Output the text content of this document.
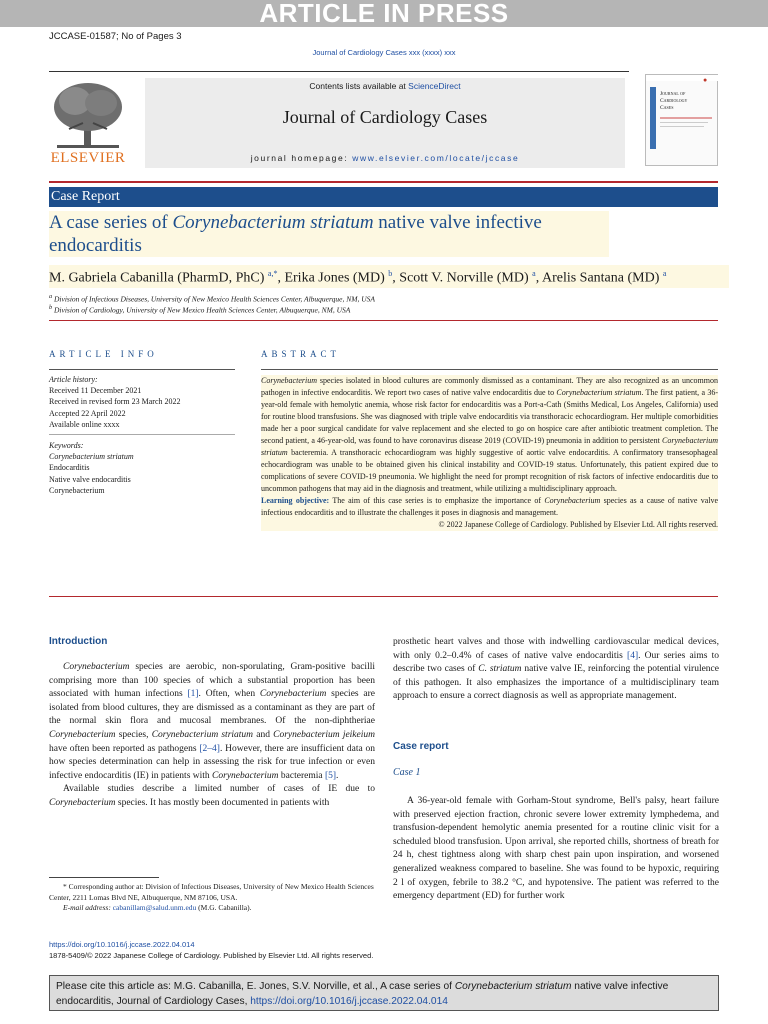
ARTICLE IN PRESS
JCCASE-01587; No of Pages 3
Journal of Cardiology Cases xxx (xxxx) xxx
ELSEVIER
Contents lists available at ScienceDirect
Journal of Cardiology Cases
journal homepage: www.elsevier.com/locate/jccase
●
Journal of
Cardiology
Cases
Case Report
A case series of Corynebacterium striatum native valve infective endocarditis
M. Gabriela Cabanilla (PharmD, PhC) $^{a,*}$, Erika Jones (MD) $^b$, Scott V. Norville (MD) $^a$, Arelis Santana (MD) $^a$
$^a$ Division of Infectious Diseases, University of New Mexico Health Sciences Center, Albuquerque, NM, USA
$^b$ Division of Cardiology, University of New Mexico Health Sciences Center, Albuquerque, NM, USA
ARTICLE INFO
Article history:
Received 11 December 2021
Received in revised form 23 March 2022
Accepted 22 April 2022
Available online xxxx
Keywords:
Corynebacterium striatum
Endocarditis
Native valve endocarditis
Corynebacterium
ABSTRACT
Corynebacterium species isolated in blood cultures are commonly dismissed as a contaminant. They are also recognized as an uncommon pathogen in infective endocarditis. We report two cases of native valve endocarditis due to Corynebacterium striatum. The first patient, a 36-year-old female with hemolytic anemia, whose risk factor for endocarditis was a Port-a-Cath (Smiths Medical, Los Angeles, California) used for routine blood transfusions. She was diagnosed with triple valve endocarditis via transthoracic echocardiogram. Her multiple comorbidities made her a poor surgical candidate for valve replacement and she elected to go on hospice care after antibiotic treatment completion. The second patient, a 46-year-old, was found to have coronavirus disease 2019 (COVID-19) pneumonia in addition to persistent Corynebacterium striatum bacteremia. A transthoracic echocardiogram was highly suggestive of aortic valve endocarditis. A confirmatory transesophageal echocardiogram was unable to be obtained given his clinical instability and COVID-19 status. Unfortunately, this patient expired due to complications of severe COVID-19 pneumonia. We highlight the need for prompt recognition of risk factors of infective endocarditis due to uncommon pathogens that may aid in the diagnosis and treatment, while utilizing a multidisciplinary approach.
Learning objective: The aim of this case series is to emphasize the importance of Corynebacterium species as a cause of native valve infectious endocarditis and to illustrate the challenges it poses in diagnosis and management.
© 2022 Japanese College of Cardiology. Published by Elsevier Ltd. All rights reserved.
Introduction

Corynebacterium species are aerobic, non-sporulating, Gram-positive bacilli comprising more than 100 species of which a substantial proportion has been associated with human infections [1]. Often, when Corynebacterium species are isolated from blood cultures, they are dismissed as a contaminant as they are part of the normal skin flora and mucosal membranes. Of the non-diphtheriae Corynebacterium species, Corynebacterium striatum and Corynebacterium jeikeium have often been reported as pathogens [2–4]. However, there are insufficient data on how species determination can help in assessing the risk for true infection or even infective endocarditis (IE) in patients with Corynebacterium bacteremia [5].

Available studies describe a limited number of cases of IE due to Corynebacterium species. It has mostly been documented in patients with

* Corresponding author at: Division of Infectious Diseases, University of New Mexico Health Sciences Center, 2211 Lomas Blvd NE, Albuquerque, NM 87106, USA.
E-mail address: cabanillam@salud.unm.edu (M.G. Cabanilla).
prosthetic heart valves and those with indwelling cardiovascular medical devices, with only 0.2–0.4% of cases of native valve endocarditis [4]. Our series aims to describe two cases of C. striatum native valve IE, reinforcing the potential virulence of this pathogen. It also emphasizes the importance of a multidisciplinary team approach to ensure a correct diagnosis as well as appropriate management.
Case report
Case 1

A 36-year-old female with Gorham-Stout syndrome, Bell's palsy, heart failure with preserved ejection fraction, chronic severe lower extremity lymphedema, and transfusion-dependent hemolytic anemia presented for a routine clinic visit for a scheduled blood transfusion. Upon arrival, she reported chills, shortness of breath for 24 h, chest tightness along with sharp chest pain upon inspiration, and worsened generalized weakness compared to baseline. She was found to be hypoxic, requiring 2 l of oxygen, febrile to 38.2 °C, and hypotensive. The patient was referred to the emergency department (ED) for further work

https://doi.org/10.1016/j.jccase.2022.04.014
1878-5409/© 2022 Japanese College of Cardiology. Published by Elsevier Ltd. All rights reserved.
Please cite this article as: M.G. Cabanilla, E. Jones, S.V. Norville, et al., A case series of Corynebacterium striatum native valve infective endocarditis, Journal of Cardiology Cases, https://doi.org/10.1016/j.jccase.2022.04.014
